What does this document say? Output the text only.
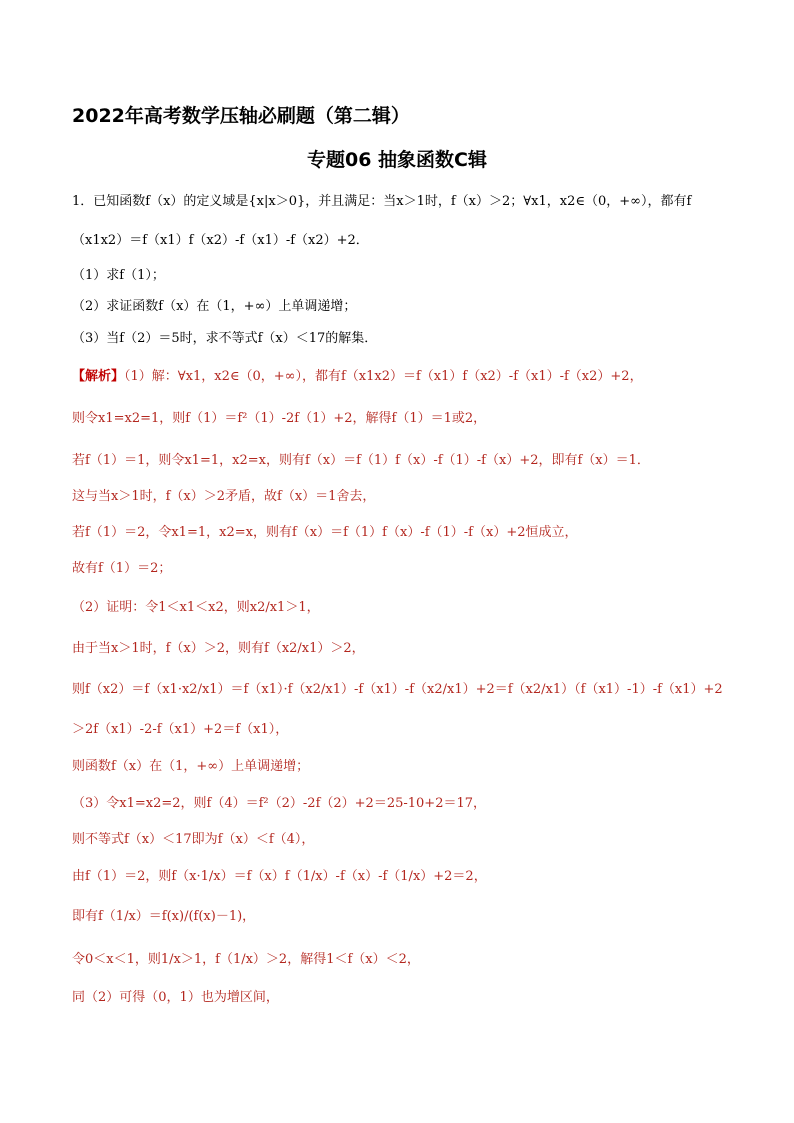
2022年高考数学压轴必刷题（第二辑）
专题06 抽象函数C辑
1．已知函数f（x）的定义域是{x|x＞0}，并且满足：当x＞1时，f（x）＞2；∀x1，x2∈（0，+∞），都有f
（x1x2）＝f（x1）f（x2）-f（x1）-f（x2）+2．
（1）求f（1）；
（2）求证函数f（x）在（1，+∞）上单调递增；
（3）当f（2）＝5时，求不等式f（x）＜17的解集．
【解析】（1）解：∀x1，x2∈（0，+∞），都有f（x1x2）＝f（x1）f（x2）-f（x1）-f（x2）+2，
则令x1=x2=1，则f（1）＝f²（1）-2f（1）+2，解得f（1）＝1或2，
若f（1）＝1，则令x1=1，x2=x，则有f（x）＝f（1）f（x）-f（1）-f（x）+2，即有f（x）＝1．
这与当x＞1时，f（x）＞2矛盾，故f（x）＝1舍去，
若f（1）＝2，令x1=1，x2=x，则有f（x）＝f（1）f（x）-f（1）-f（x）+2恒成立，
故有f（1）＝2；
（2）证明：令1＜x1＜x2，则x2/x1＞1，
由于当x＞1时，f（x）＞2，则有f（x2/x1）＞2，
则f（x2）＝f（x1·x2/x1）＝f（x1）·f（x2/x1）-f（x1）-f（x2/x1）+2＝f（x2/x1）（f（x1）-1）-f（x1）+2
＞2f（x1）-2-f（x1）+2＝f（x1），
则函数f（x）在（1，+∞）上单调递增；
（3）令x1=x2=2，则f（4）＝f²（2）-2f（2）+2＝25-10+2＝17，
则不等式f（x）＜17即为f（x）＜f（4），
由f（1）＝2，则f（x·1/x）＝f（x）f（1/x）-f（x）-f（1/x）+2＝2，
即有f（1/x）＝f(x)/(f(x)－1)，
令0＜x＜1，则1/x＞1，f（1/x）＞2，解得1＜f（x）＜2，
同（2）可得（0，1）也为增区间，
